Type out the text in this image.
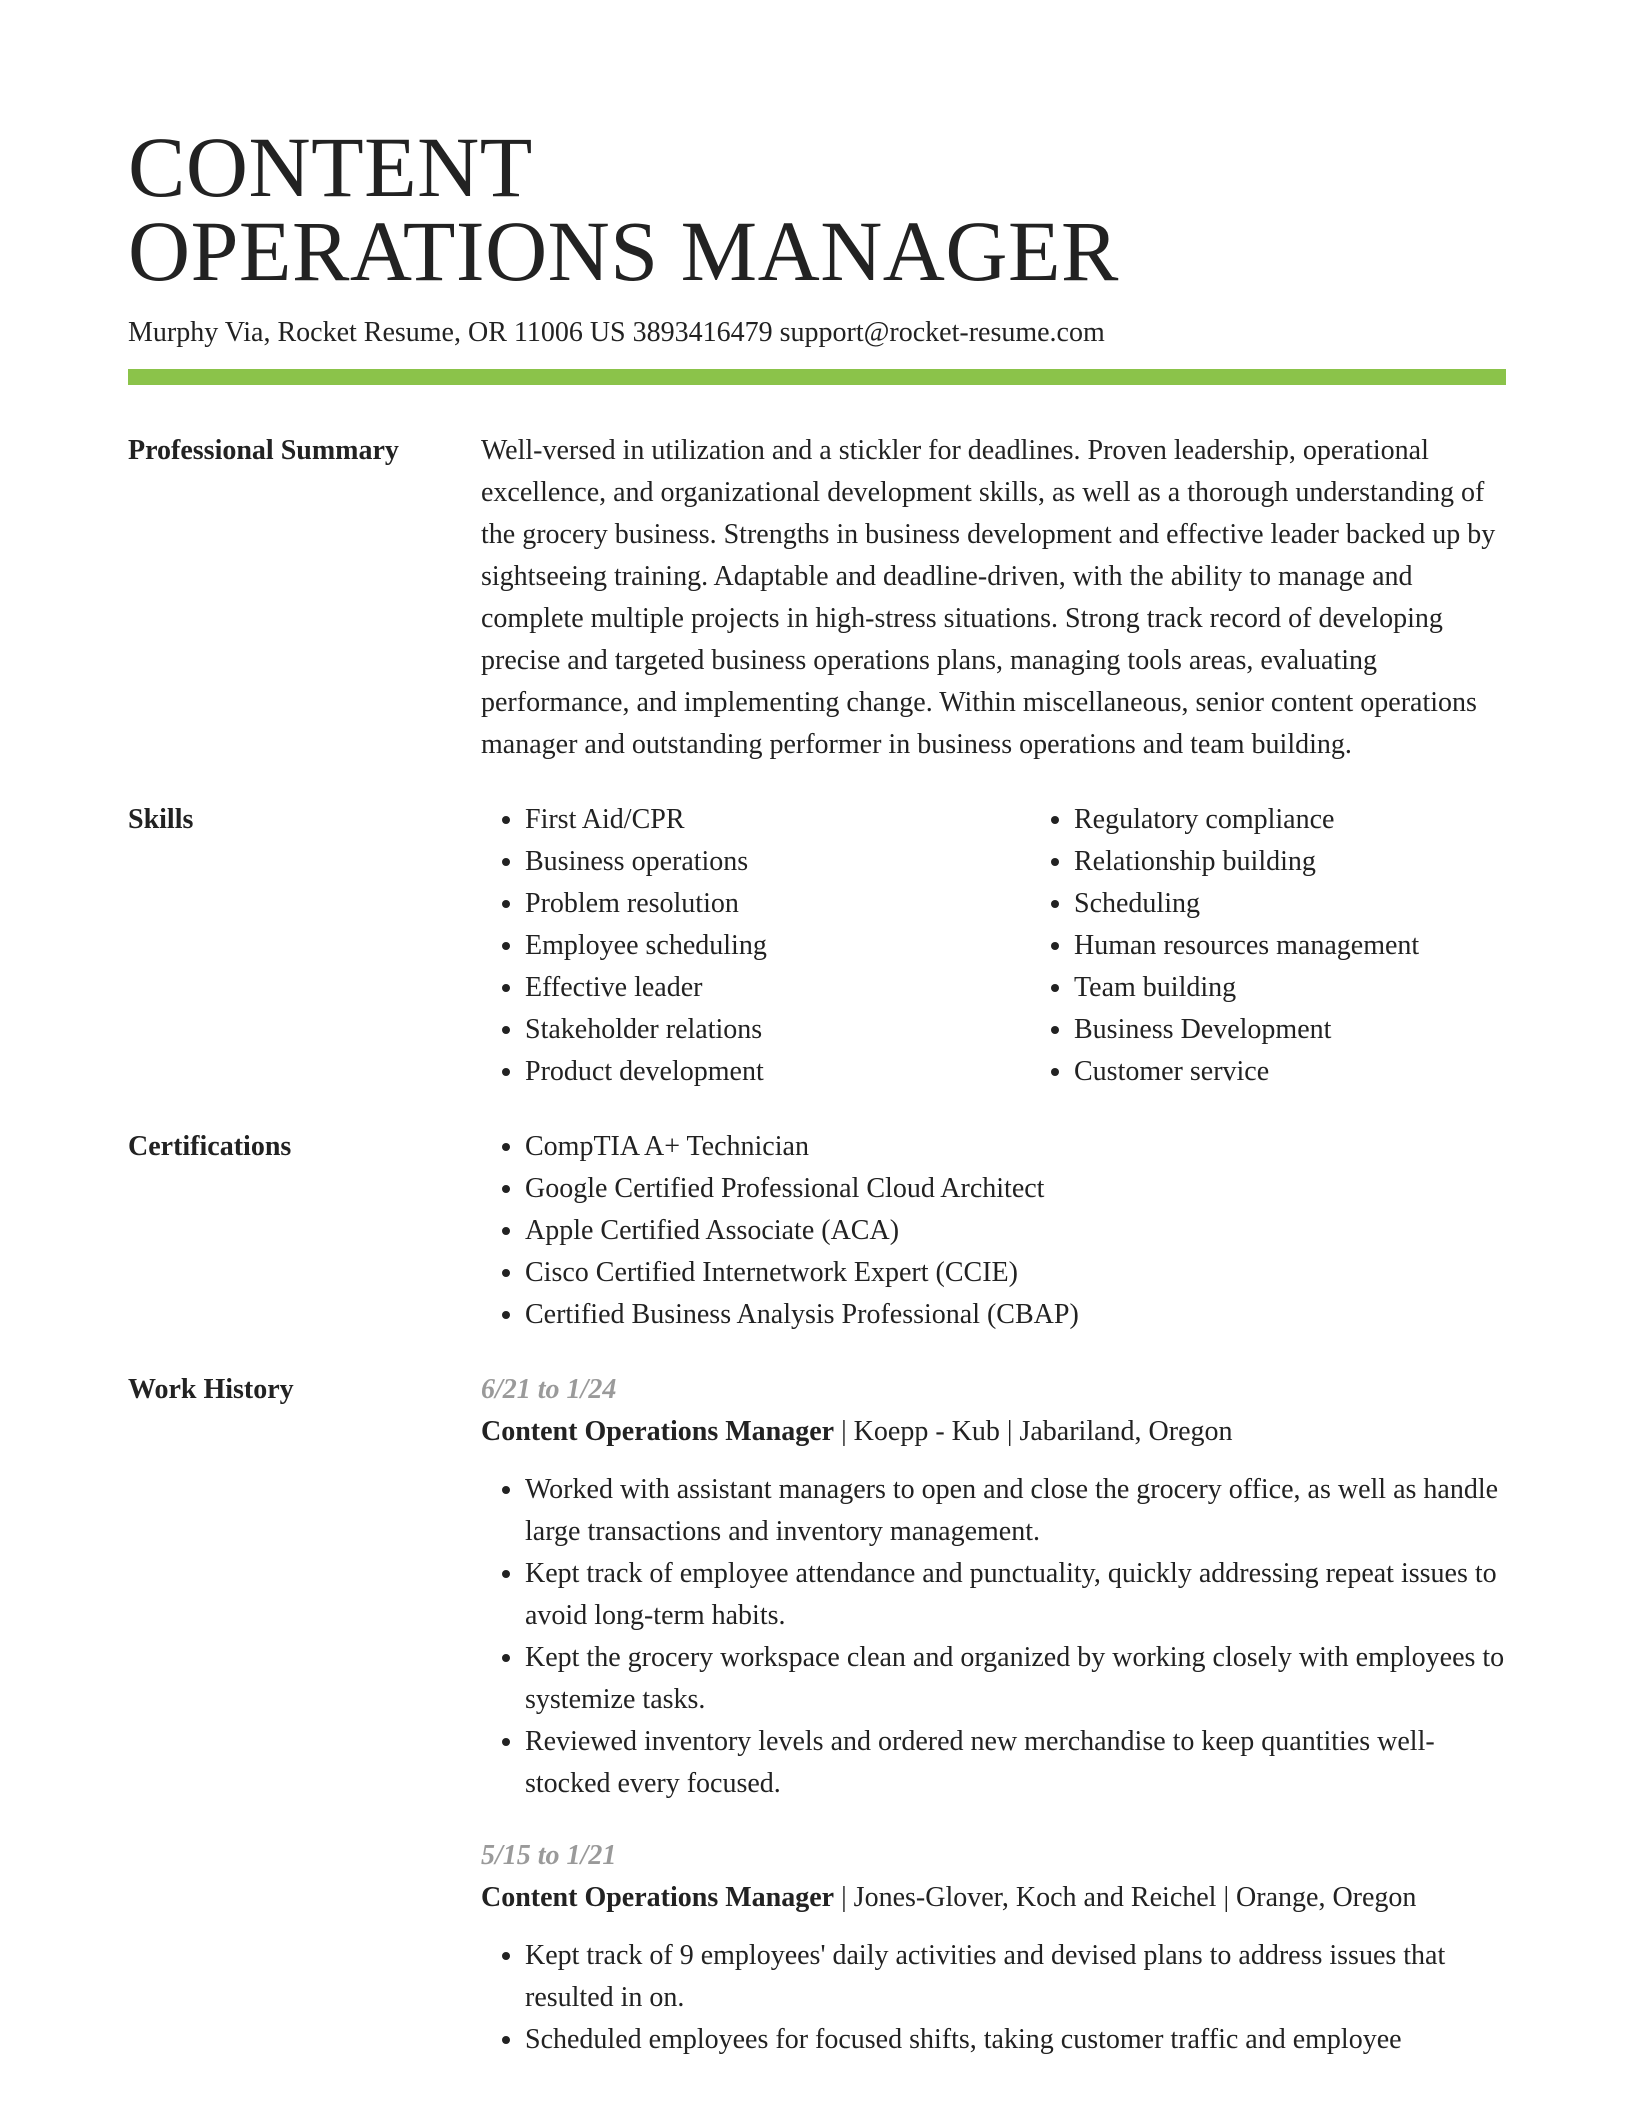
CONTENT
OPERATIONS MANAGER
Murphy Via, Rocket Resume, OR 11006 US 3893416479 support@rocket-resume.com
Professional Summary	Well-versed in utilization and a stickler for deadlines. Proven leadership, operational excellence, and organizational development skills, as well as a thorough understanding of the grocery business. Strengths in business development and effective leader backed up by sightseeing training. Adaptable and deadline-driven, with the ability to manage and complete multiple projects in high-stress situations. Strong track record of developing precise and targeted business operations plans, managing tools areas, evaluating performance, and implementing change. Within miscellaneous, senior content operations manager and outstanding performer in business operations and team building.

Skills	• First Aid/CPR
• Business operations
• Problem resolution
• Employee scheduling
• Effective leader
• Stakeholder relations
• Product development
• Regulatory compliance
• Relationship building
• Scheduling
• Human resources management
• Team building
• Business Development
• Customer service
Certifications	• CompTIA A+ Technician
• Google Certified Professional Cloud Architect
• Apple Certified Associate (ACA)
• Cisco Certified Internetwork Expert (CCIE)
• Certified Business Analysis Professional (CBAP)
Work History	6/21 to 1/24
Content Operations Manager | Koepp - Kub | Jabariland, Oregon
• Worked with assistant managers to open and close the grocery office, as well as handle large transactions and inventory management.
• Kept track of employee attendance and punctuality, quickly addressing repeat issues to avoid long-term habits.
• Kept the grocery workspace clean and organized by working closely with employees to systemize tasks.
• Reviewed inventory levels and ordered new merchandise to keep quantities well-stocked every focused.
5/15 to 1/21
Content Operations Manager | Jones-Glover, Koch and Reichel | Orange, Oregon
• Kept track of 9 employees' daily activities and devised plans to address issues that resulted in on.
• Scheduled employees for focused shifts, taking customer traffic and employee
